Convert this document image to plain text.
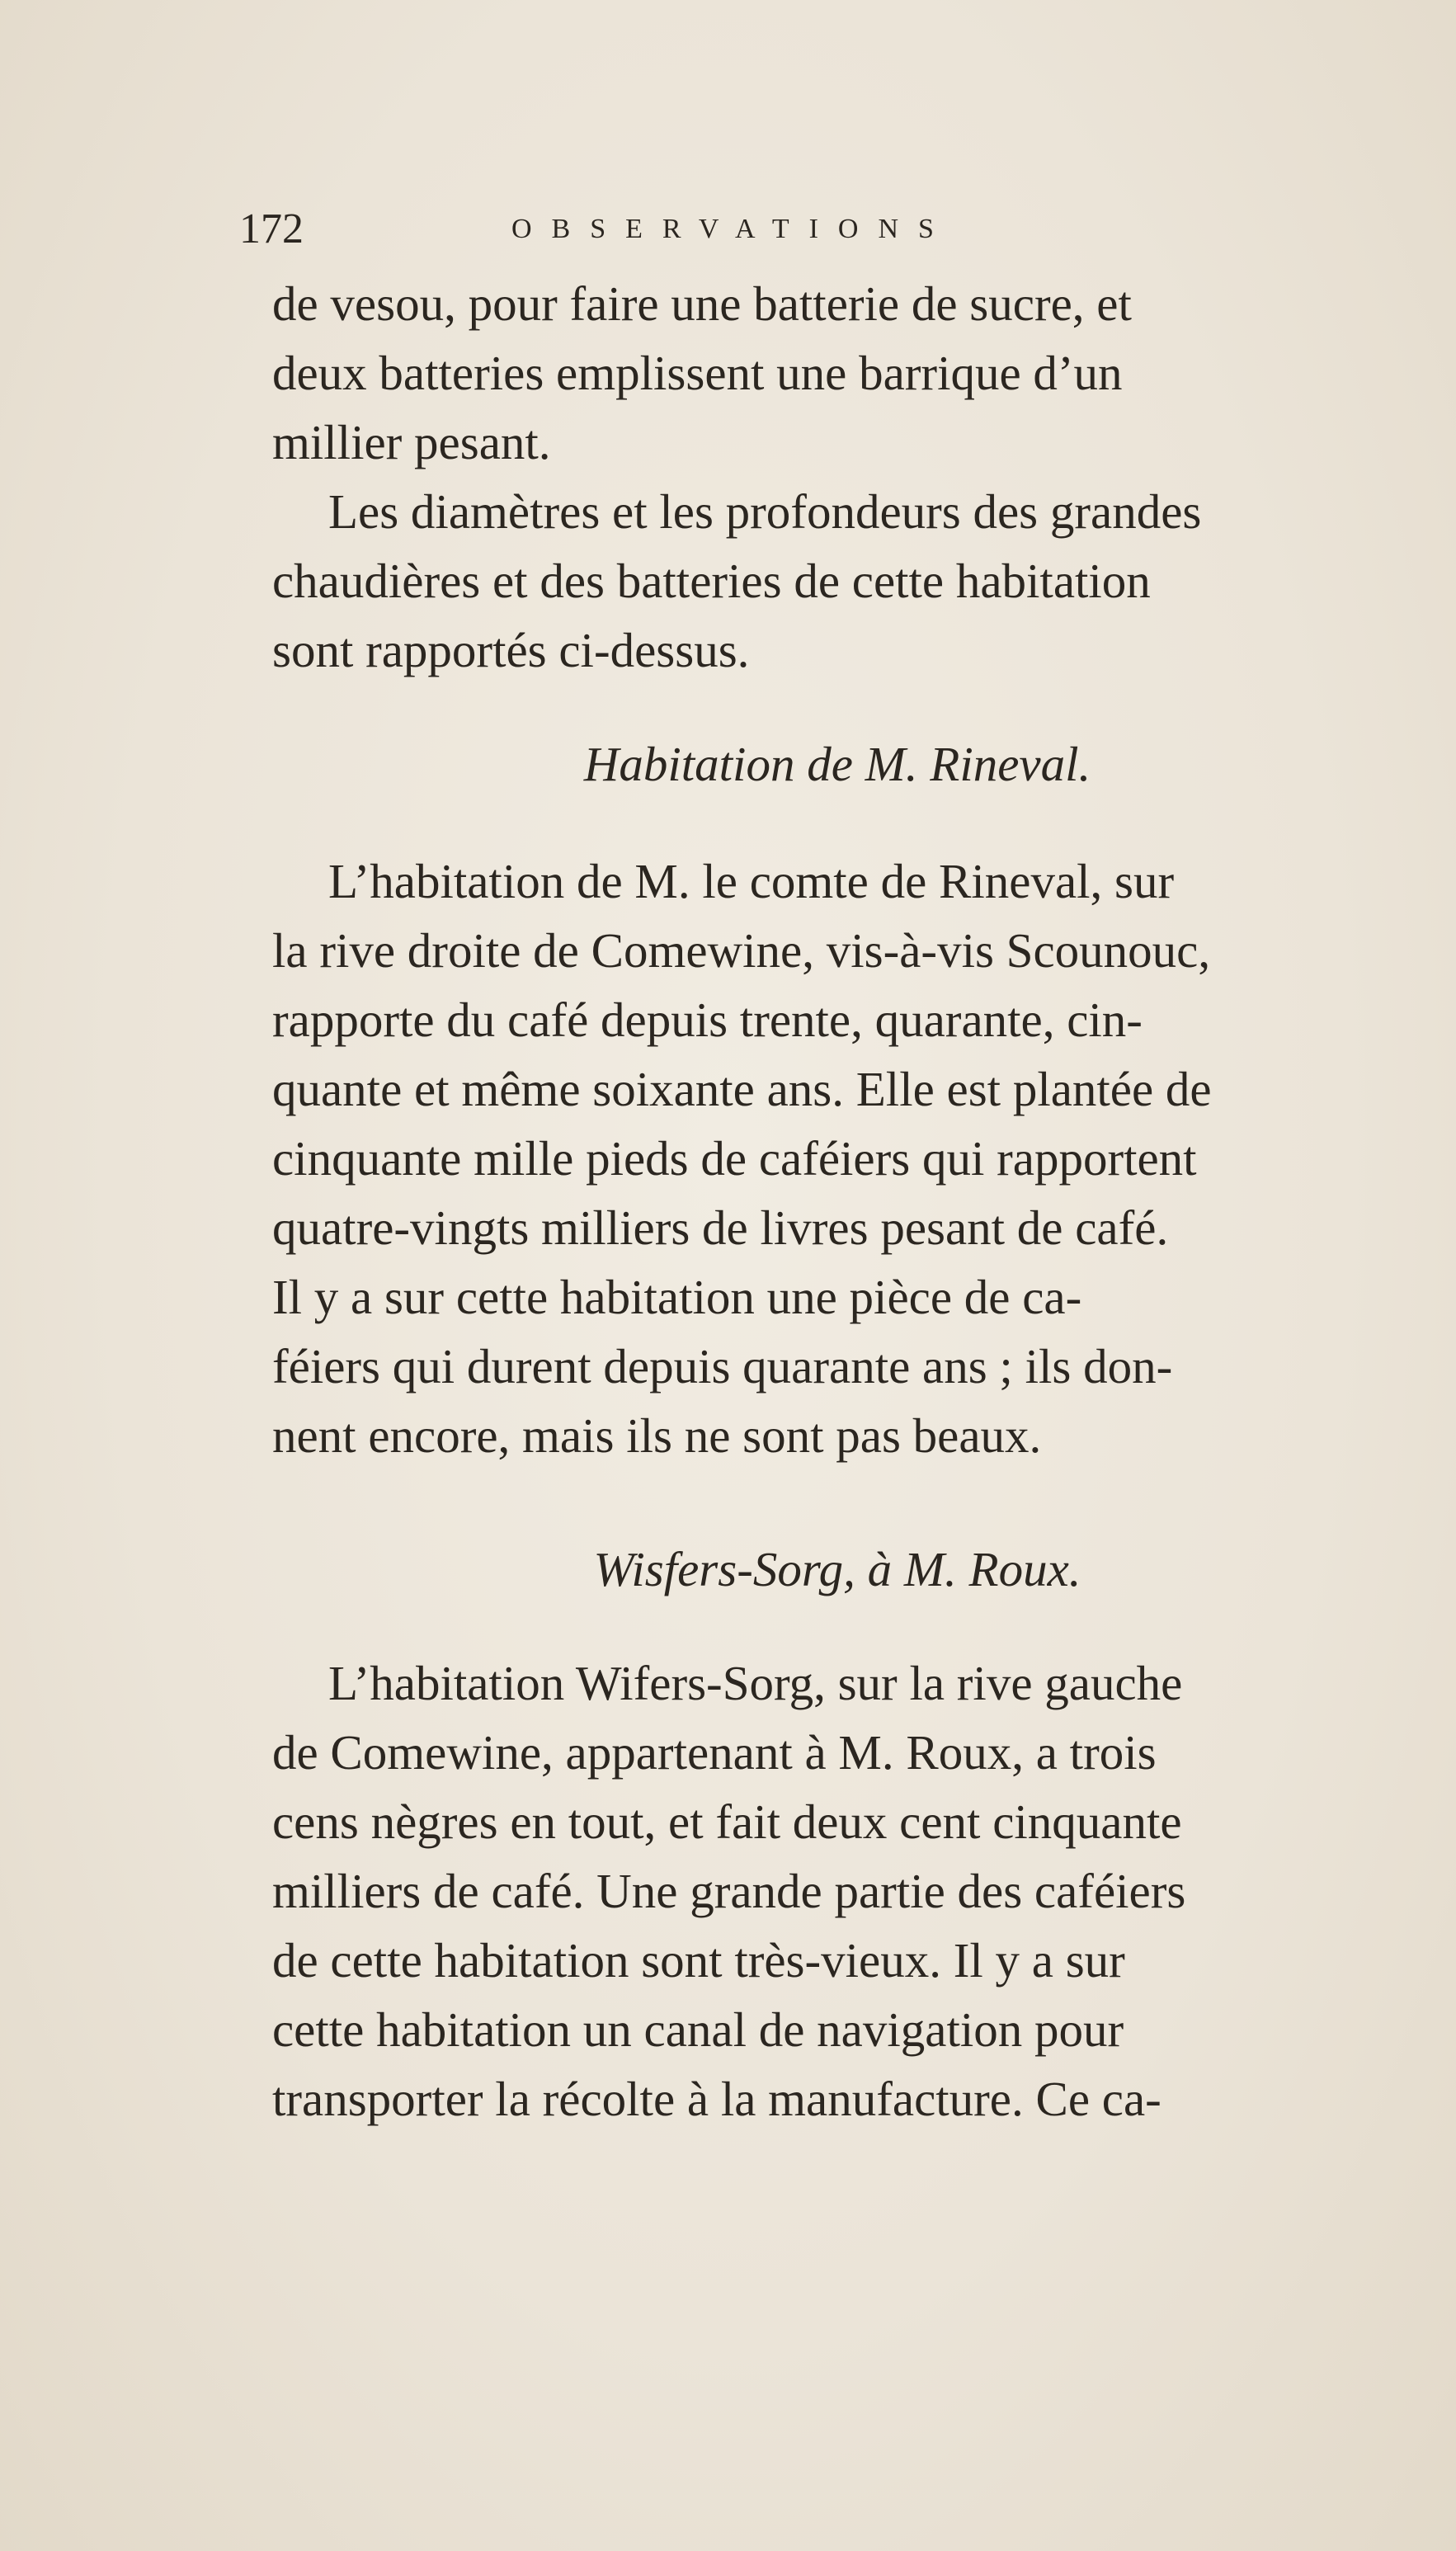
172	OBSERVATIONS
de vesou, pour faire une batterie de sucre, et
deux batteries emplissent une barrique d’un
millier pesant.
Les diamètres et les profondeurs des grandes
chaudières et des batteries de cette habitation
sont rapportés ci-dessus.
Habitation de M. Rineval.
L’habitation de M. le comte de Rineval, sur
la rive droite de Comewine, vis-à-vis Scounouc,
rapporte du café depuis trente, quarante, cin-
quante et même soixante ans. Elle est plantée de
cinquante mille pieds de caféiers qui rapportent
quatre-vingts milliers de livres pesant de café.
Il y a sur cette habitation une pièce de ca-
féiers qui durent depuis quarante ans ; ils don-
nent encore, mais ils ne sont pas beaux.
Wisfers-Sorg, à M. Roux.
L’habitation Wifers-Sorg, sur la rive gauche
de Comewine, appartenant à M. Roux, a trois
cens nègres en tout, et fait deux cent cinquante
milliers de café. Une grande partie des caféiers
de cette habitation sont très-vieux. Il y a sur
cette habitation un canal de navigation pour
transporter la récolte à la manufacture. Ce ca-
